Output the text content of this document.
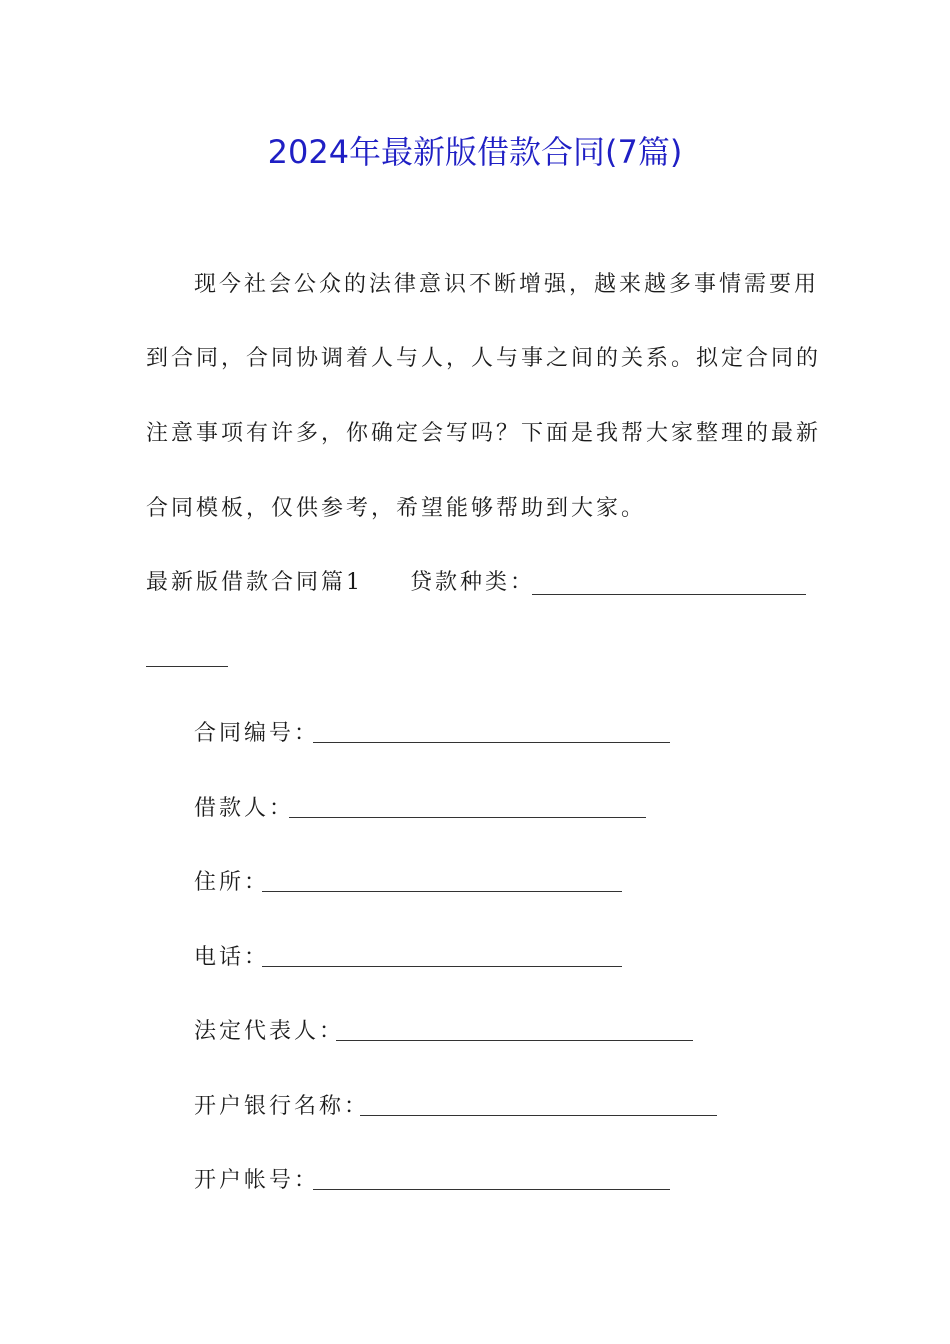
2024年最新版借款合同(7篇)
现今社会公众的法律意识不断增强，越来越多事情需要用
到合同，合同协调着人与人，人与事之间的关系。拟定合同的
注意事项有许多，你确定会写吗？下面是我帮大家整理的最新
合同模板，仅供参考，希望能够帮助到大家。
最新版借款合同篇1 贷款种类：
合同编号：
借款人：
住所：
电话：
法定代表人：
开户银行名称：
开户帐号：
